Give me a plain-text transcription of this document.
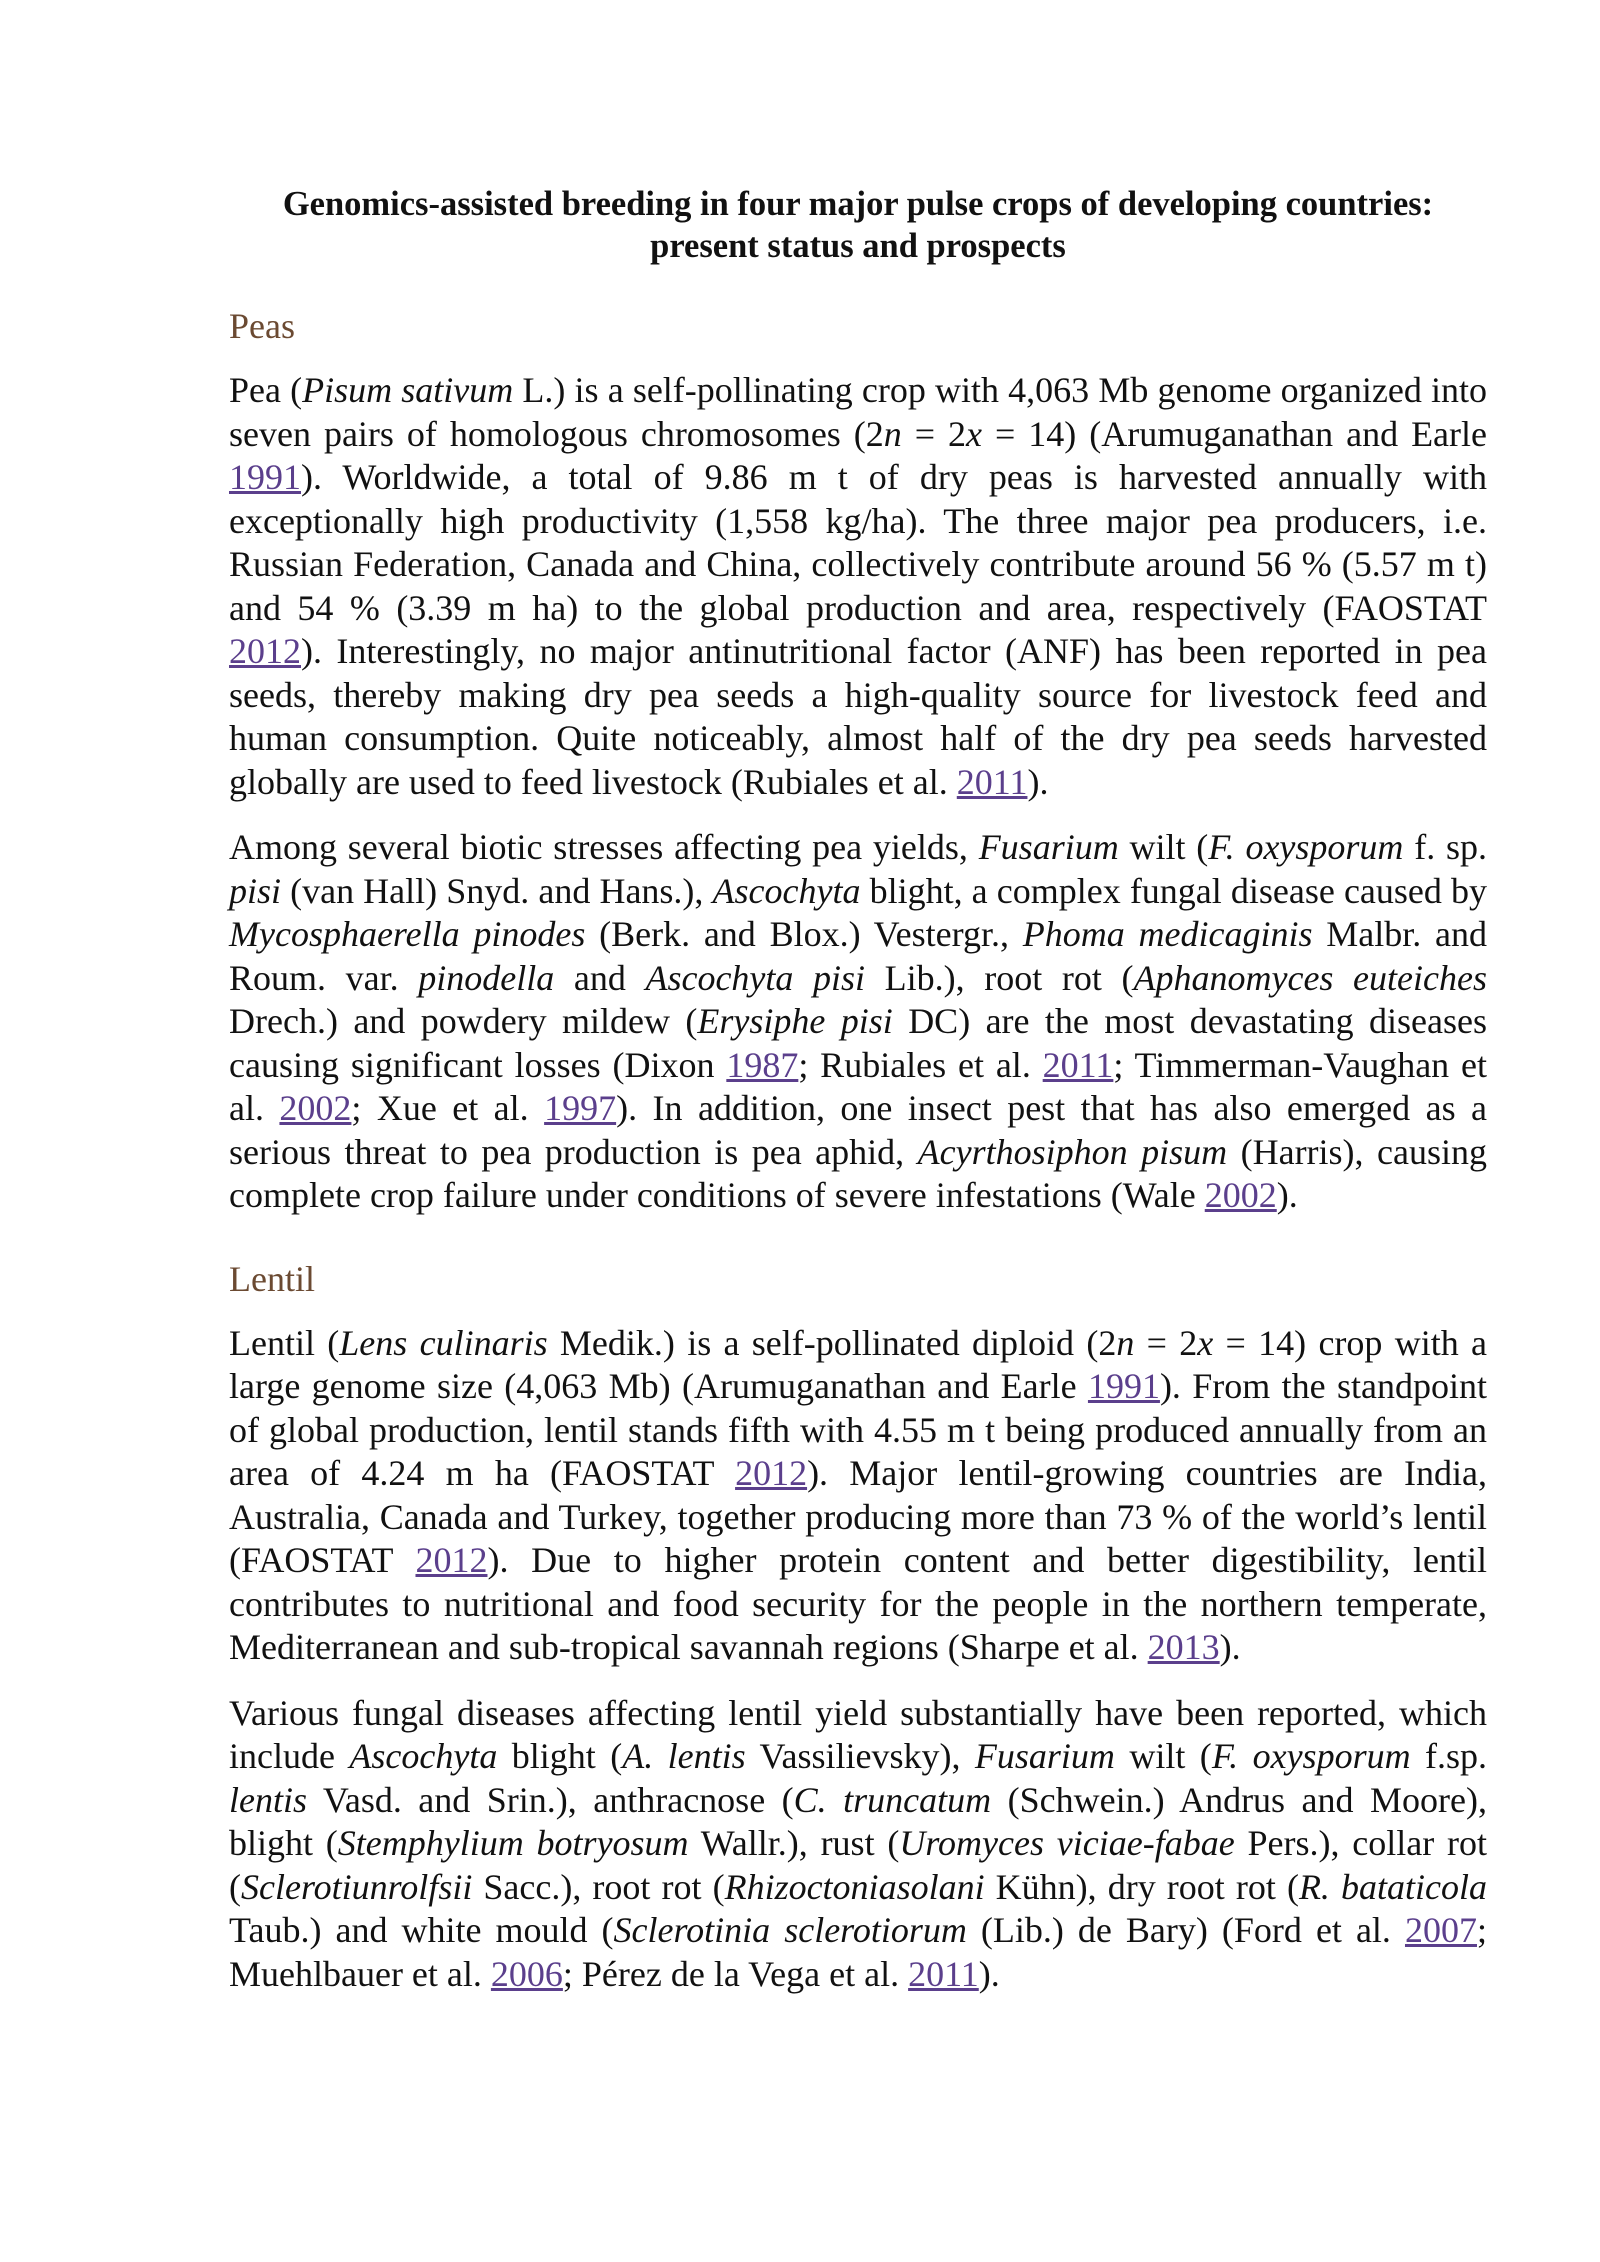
Genomics-assisted breeding in four major pulse crops of developing countries:
present status and prospects
Peas

Pea (Pisum sativum L.) is a self-pollinating crop with 4,063 Mb genome organized into seven pairs of homologous chromosomes (2n = 2x = 14) (Arumuganathan and Earle 1991). Worldwide, a total of 9.86 m t of dry peas is harvested annually with exceptionally high productivity (1,558 kg/ha). The three major pea producers, i.e. Russian Federation, Canada and China, collectively contribute around 56 % (5.57 m t) and 54 % (3.39 m ha) to the global production and area, respectively (FAOSTAT 2012). Interestingly, no major antinutritional factor (ANF) has been reported in pea seeds, thereby making dry pea seeds a high-quality source for livestock feed and human consumption. Quite noticeably, almost half of the dry pea seeds harvested globally are used to feed livestock (Rubiales et al. 2011).

Among several biotic stresses affecting pea yields, Fusarium wilt (F. oxysporum f. sp. pisi (van Hall) Snyd. and Hans.), Ascochyta blight, a complex fungal disease caused by Mycosphaerella pinodes (Berk. and Blox.) Vestergr., Phoma medicaginis Malbr. and Roum. var. pinodella and Ascochyta pisi Lib.), root rot (Aphanomyces euteiches Drech.) and powdery mildew (Erysiphe pisi DC) are the most devastating diseases causing significant losses (Dixon 1987; Rubiales et al. 2011; Timmerman-Vaughan et al. 2002; Xue et al. 1997). In addition, one insect pest that has also emerged as a serious threat to pea production is pea aphid, Acyrthosiphon pisum (Harris), causing complete crop failure under conditions of severe infestations (Wale 2002).

Lentil

Lentil (Lens culinaris Medik.) is a self-pollinated diploid (2n = 2x = 14) crop with a large genome size (4,063 Mb) (Arumuganathan and Earle 1991). From the standpoint of global production, lentil stands fifth with 4.55 m t being produced annually from an area of 4.24 m ha (FAOSTAT 2012). Major lentil-growing countries are India, Australia, Canada and Turkey, together producing more than 73 % of the world’s lentil (FAOSTAT 2012). Due to higher protein content and better digestibility, lentil contributes to nutritional and food security for the people in the northern temperate, Mediterranean and sub-tropical savannah regions (Sharpe et al. 2013).

Various fungal diseases affecting lentil yield substantially have been reported, which include Ascochyta blight (A. lentis Vassilievsky), Fusarium wilt (F. oxysporum f.sp. lentis Vasd. and Srin.), anthracnose (C. truncatum (Schwein.) Andrus and Moore), blight (Stemphylium botryosum Wallr.), rust (Uromyces viciae-fabae Pers.), collar rot (Sclerotiunrolfsii Sacc.), root rot (Rhizoctoniasolani Kühn), dry root rot (R. bataticola Taub.) and white mould (Sclerotinia sclerotiorum (Lib.) de Bary) (Ford et al. 2007; Muehlbauer et al. 2006; Pérez de la Vega et al. 2011).
